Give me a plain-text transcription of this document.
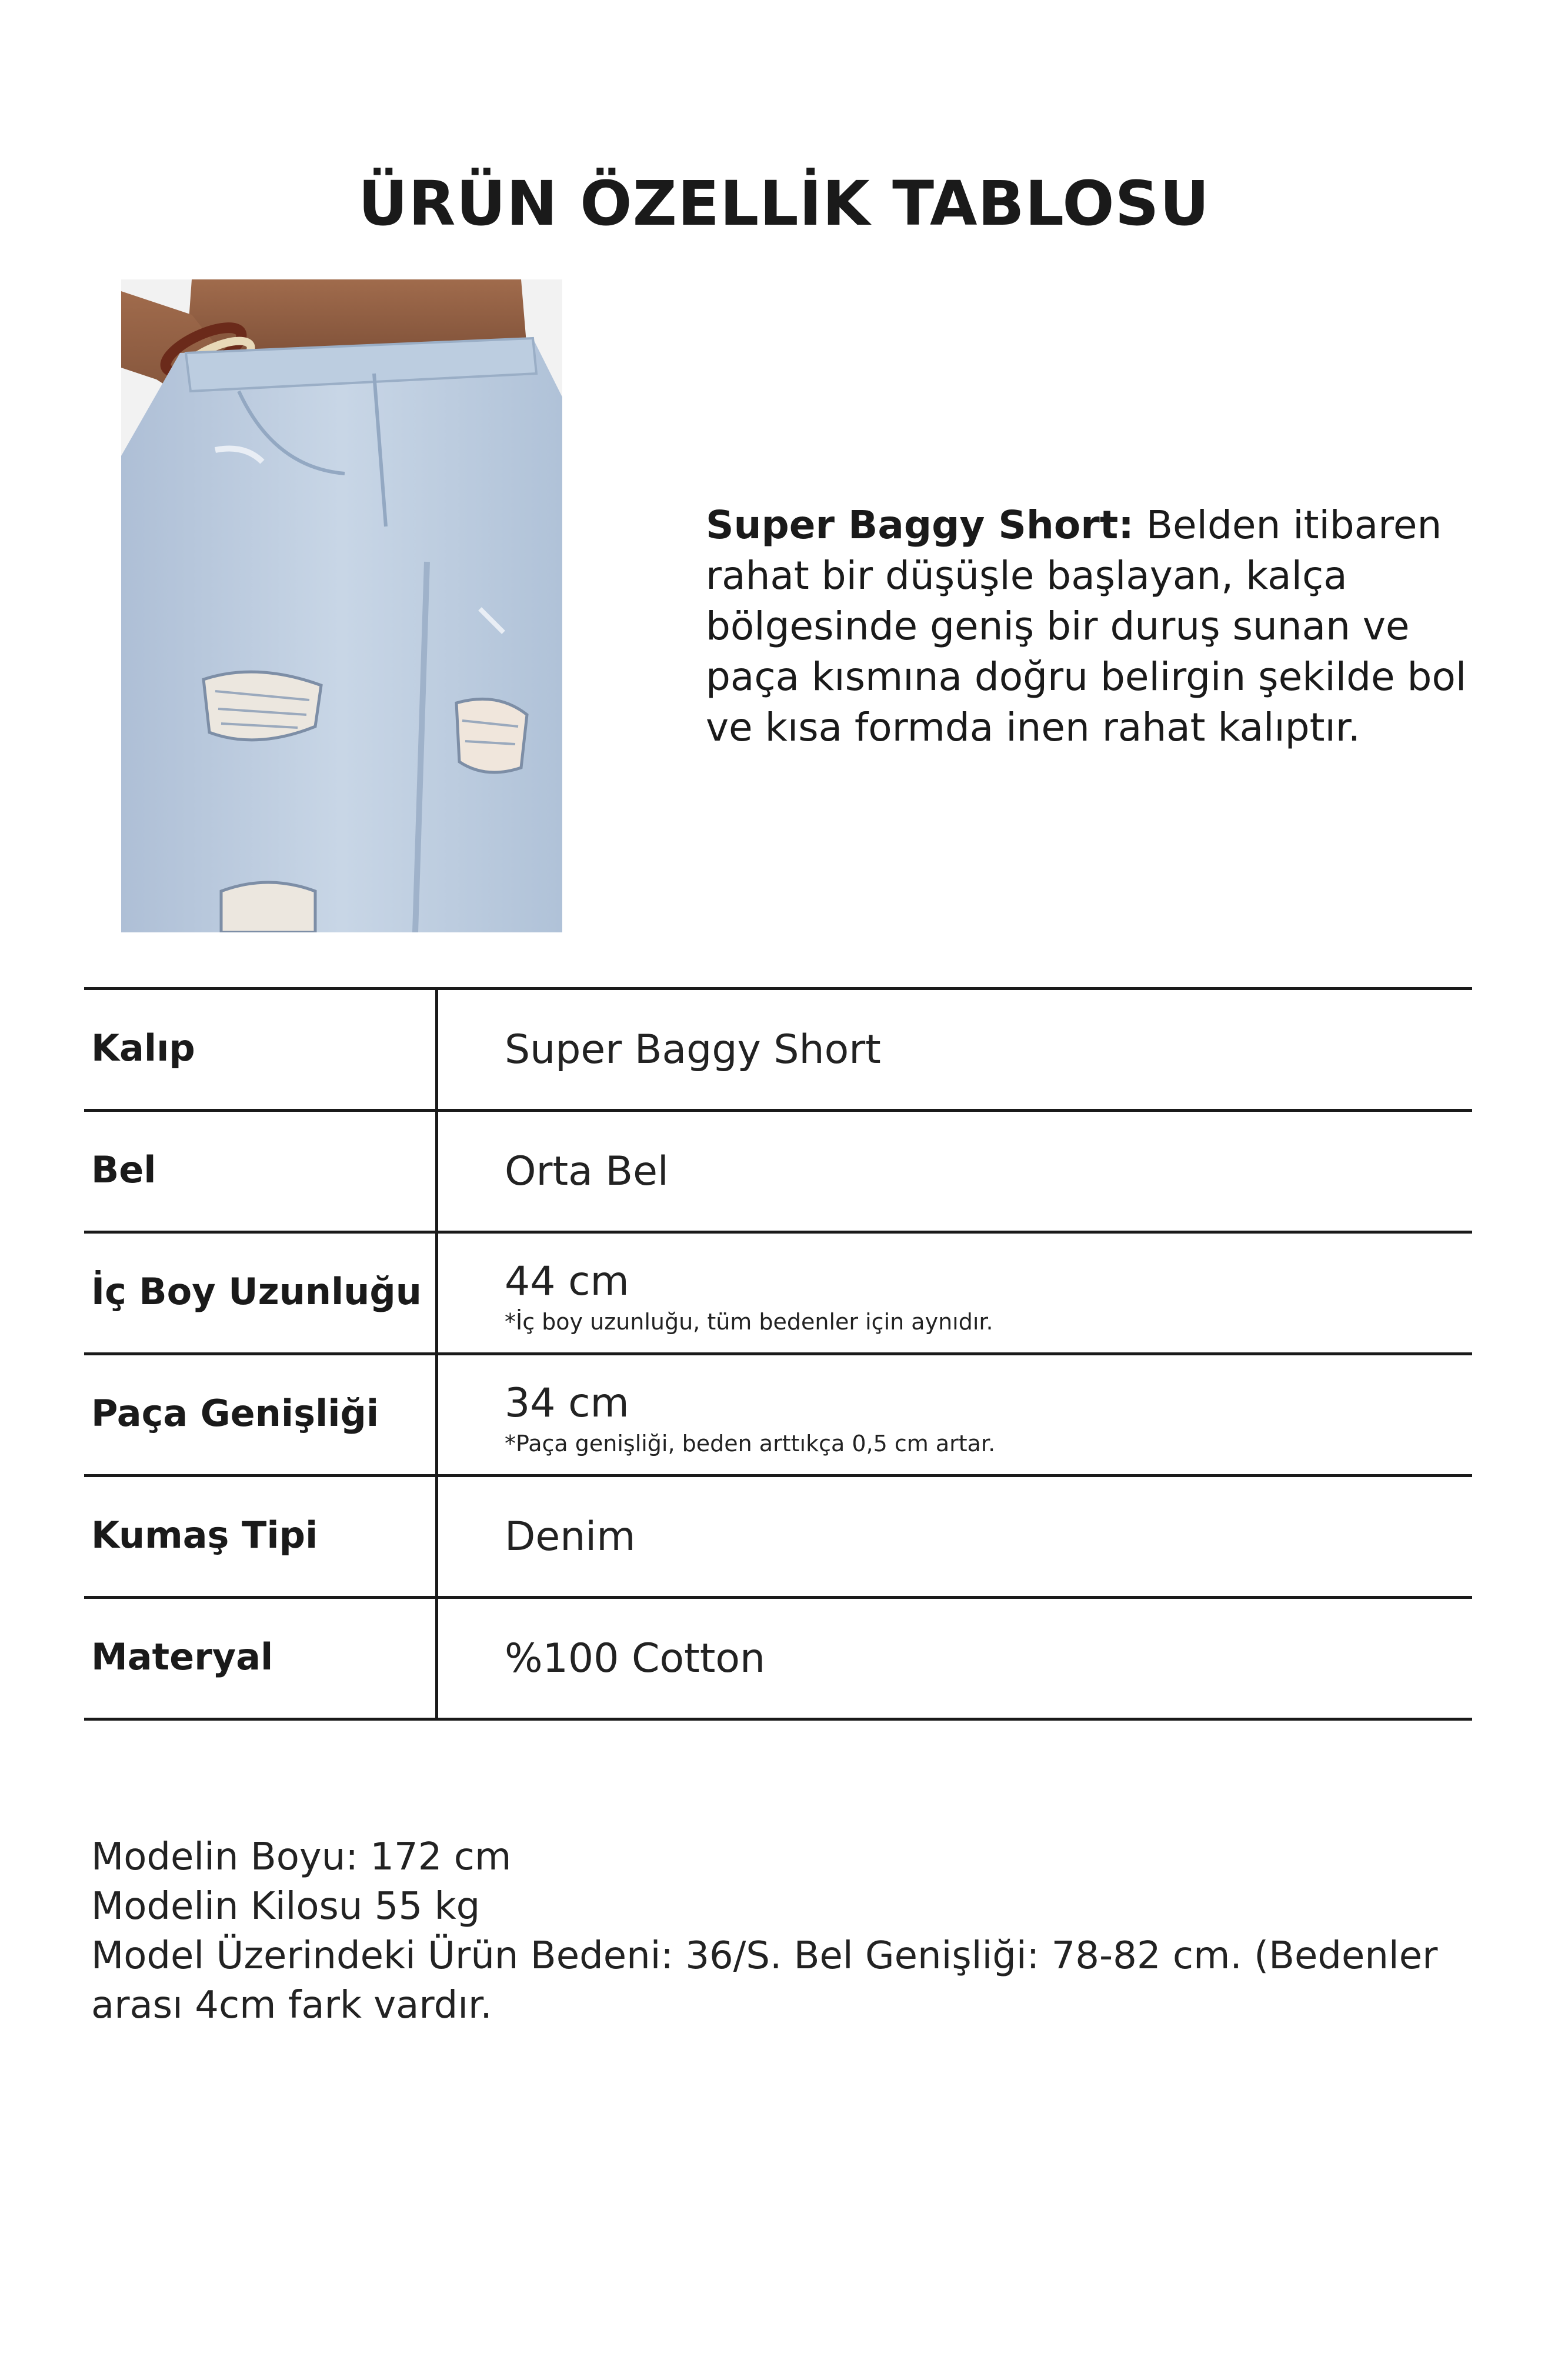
ÜRÜN ÖZELLİK TABLOSU
Super Baggy Short: Belden itibaren rahat bir düşüşle başlayan, kalça bölgesinde geniş bir duruş sunan ve paça kısmına doğru belirgin şekilde bol ve kısa formda inen rahat kalıptır.
Kalıp	Super Baggy Short
Bel	Orta Bel
İç Boy Uzunluğu	44 cm
*İç boy uzunluğu, tüm bedenler için aynıdır.
Paça Genişliği	34 cm
*Paça genişliği, beden arttıkça 0,5 cm artar.
Kumaş Tipi	Denim
Materyal	%100 Cotton
Modelin Boyu: 172 cm
Modelin Kilosu 55 kg
Model Üzerindeki Ürün Bedeni: 36/S. Bel Genişliği: 78-82 cm. (Bedenler arası 4cm fark vardır.
